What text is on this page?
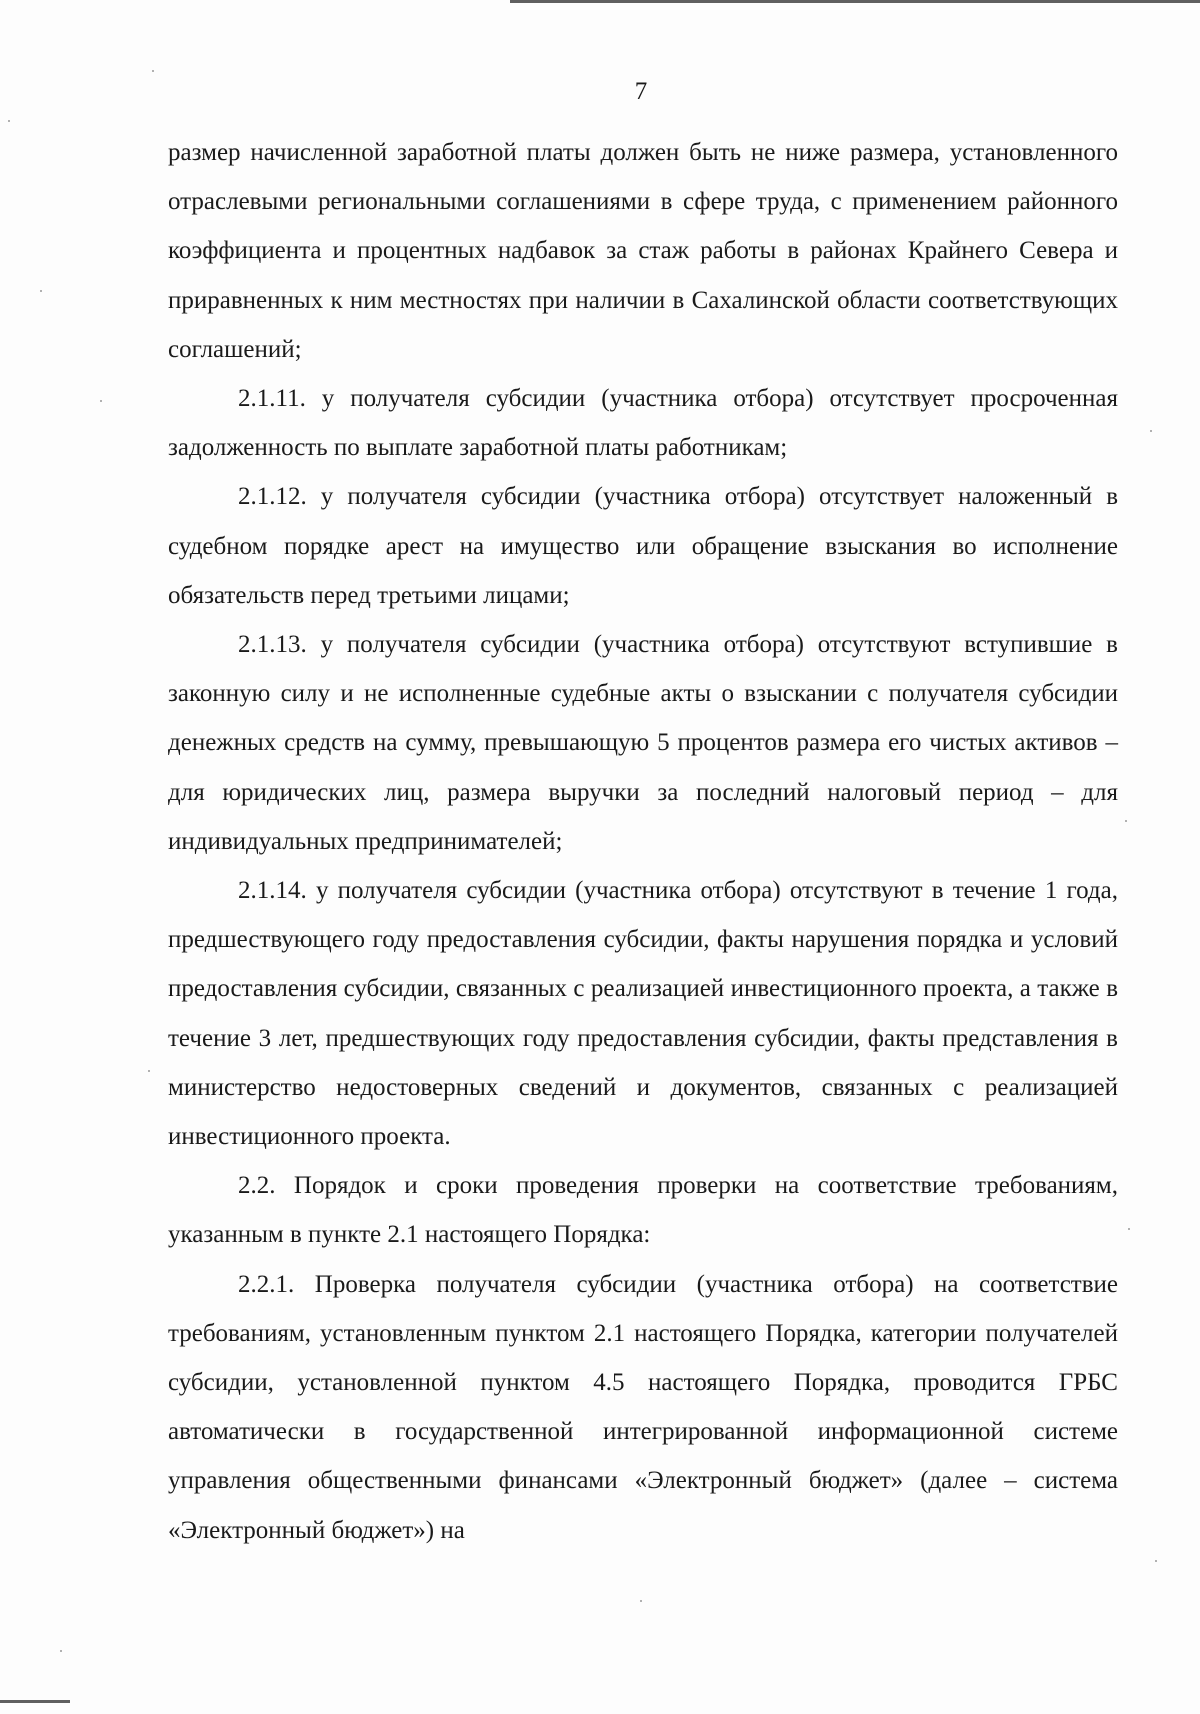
7

размер начисленной заработной платы должен быть не ниже размера, установленного отраслевыми региональными соглашениями в сфере труда, с применением районного коэффициента и процентных надбавок за стаж работы в районах Крайнего Севера и приравненных к ним местностях при наличии в Сахалинской области соответствующих соглашений;

2.1.11. у получателя субсидии (участника отбора) отсутствует просроченная задолженность по выплате заработной платы работникам;

2.1.12. у получателя субсидии (участника отбора) отсутствует наложенный в судебном порядке арест на имущество или обращение взыскания во исполнение обязательств перед третьими лицами;

2.1.13. у получателя субсидии (участника отбора) отсутствуют вступившие в законную силу и не исполненные судебные акты о взыскании с получателя субсидии денежных средств на сумму, превышающую 5 процентов размера его чистых активов – для юридических лиц, размера выручки за последний налоговый период – для индивидуальных предпринимателей;

2.1.14. у получателя субсидии (участника отбора) отсутствуют в течение 1 года, предшествующего году предоставления субсидии, факты нарушения порядка и условий предоставления субсидии, связанных с реализацией инвестиционного проекта, а также в течение 3 лет, предшествующих году предоставления субсидии, факты представления в министерство недостоверных сведений и документов, связанных с реализацией инвестиционного проекта.

2.2. Порядок и сроки проведения проверки на соответствие требованиям, указанным в пункте 2.1 настоящего Порядка:

2.2.1. Проверка получателя субсидии (участника отбора) на соответствие требованиям, установленным пунктом 2.1 настоящего Порядка, категории получателей субсидии, установленной пунктом 4.5 настоящего Порядка, проводится ГРБС автоматически в государственной интегрированной информационной системе управления общественными финансами «Электронный бюджет» (далее – система «Электронный бюджет») на
